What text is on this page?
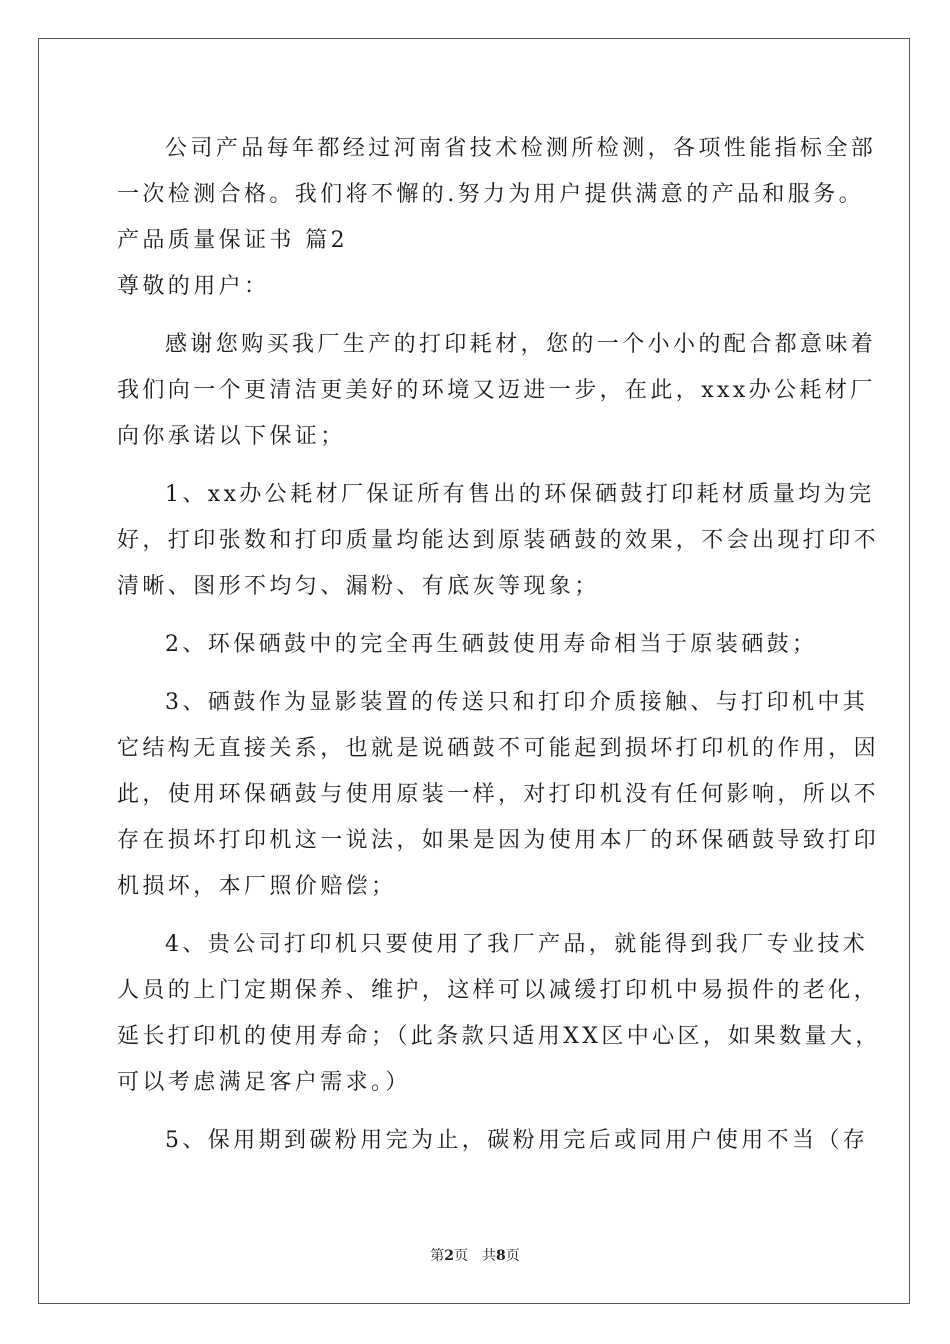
公司产品每年都经过河南省技术检测所检测，各项性能指标全部
一次检测合格。我们将不懈的.努力为用户提供满意的产品和服务。
产品质量保证书 篇2
尊敬的用户：
感谢您购买我厂生产的打印耗材，您的一个小小的配合都意味着
我们向一个更清洁更美好的环境又迈进一步，在此，xxx办公耗材厂
向你承诺以下保证；
1、xx办公耗材厂保证所有售出的环保硒鼓打印耗材质量均为完
好，打印张数和打印质量均能达到原装硒鼓的效果，不会出现打印不
清晰、图形不均匀、漏粉、有底灰等现象；
2、环保硒鼓中的完全再生硒鼓使用寿命相当于原装硒鼓；
3、硒鼓作为显影装置的传送只和打印介质接触、与打印机中其
它结构无直接关系，也就是说硒鼓不可能起到损坏打印机的作用，因
此，使用环保硒鼓与使用原装一样，对打印机没有任何影响，所以不
存在损坏打印机这一说法，如果是因为使用本厂的环保硒鼓导致打印
机损坏，本厂照价赔偿；
4、贵公司打印机只要使用了我厂产品，就能得到我厂专业技术
人员的上门定期保养、维护，这样可以减缓打印机中易损件的老化，
延长打印机的使用寿命；（此条款只适用XX区中心区，如果数量大，
可以考虑满足客户需求。）
5、保用期到碳粉用完为止，碳粉用完后或同用户使用不当（存
第2页　共8页
